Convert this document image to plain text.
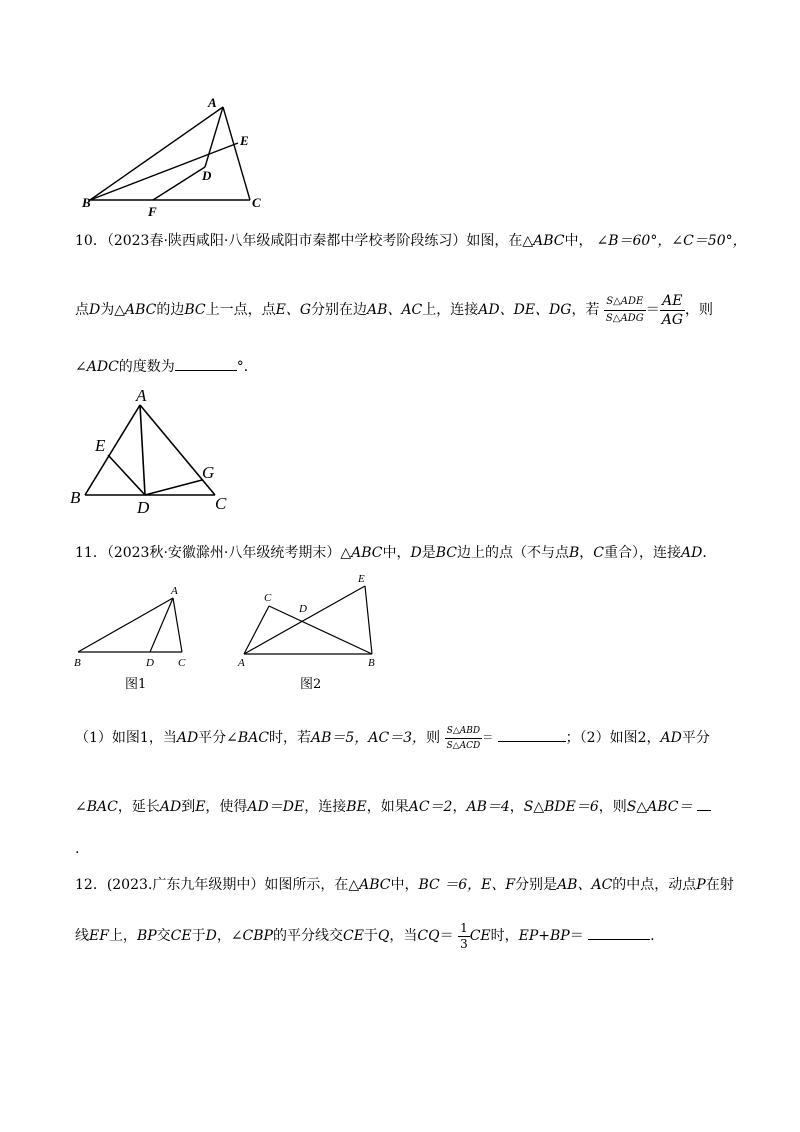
A
B	C
D
E
F
10．（2023春·陕西咸阳·八年级咸阳市秦都中学校考阶段练习）如图，在△ABC中， ∠B＝60°，∠C＝50°，
点D为△ABC的边BC上一点，点E、G分别在边AB、AC上，连接AD、DE、DG，若 $\frac{\text{S△ADE}}{\text{S△ADG}} = \frac{AE}{AG}$ ，则
∠ADC的度数为	°．
A
B	C
D
E
G
11．（2023秋·安徽滁州·八年级统考期末）△ABC中，D是BC边上的点（不与点B，C重合），连接AD．
A
B	D C
图1
E
C
D
A	B
图2
（1）如图1，当AD平分∠BAC时，若AB＝5，AC＝3，则 $\frac{\text{S△ABD}}{\text{S△ACD}} ^=$	；（2）如图2，AD平分
∠BAC，延长AD到E，使得AD＝DE，连接BE，如果AC＝2，AB＝4，S△BDE＝6，则S△ABC＝
.
12．(2023.广东九年级期中）如图所示，在△ABC中，BC ＝6，E、F分别是AB、AC的中点，动点P在射
线EF上，BP交CE于D，∠CBP的平分线交CE于Q，当$CQ= \frac{1}{3}$ CE时，EP+BP＝	.
